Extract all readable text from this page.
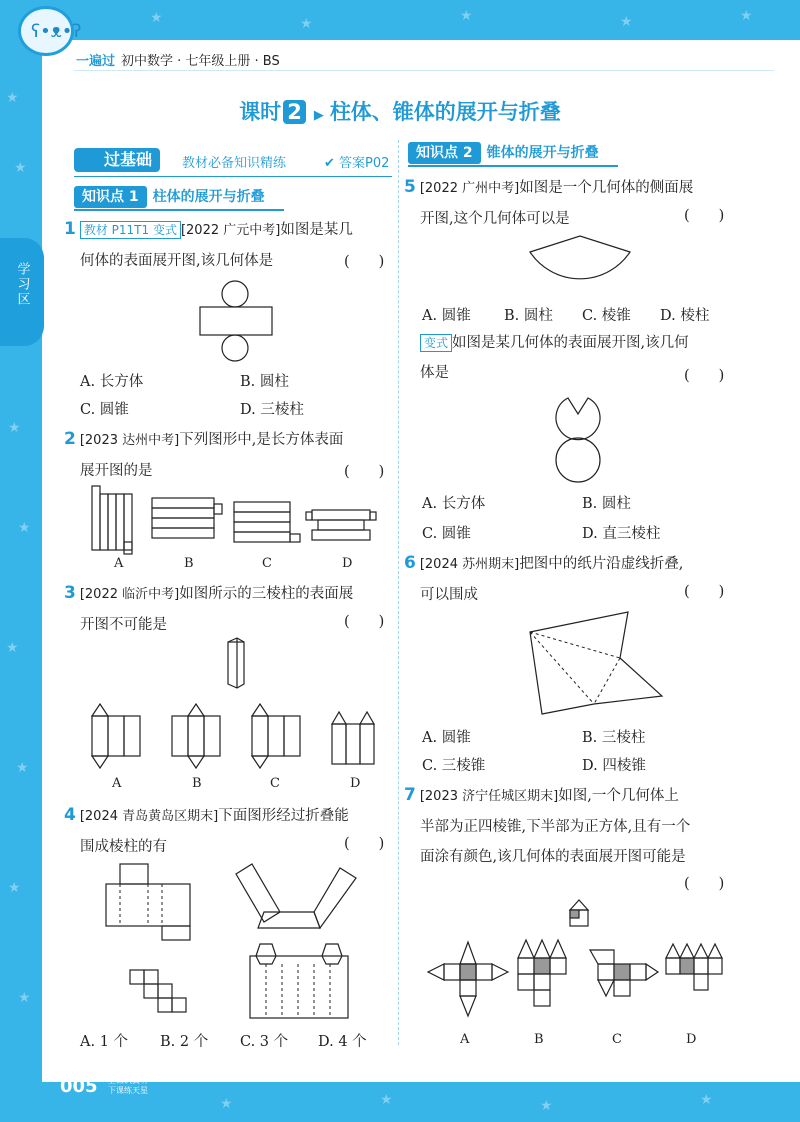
★
★
★
★
★
★
★
★
★	★	★	★	★
★	★	★	★
ʕ•ᴥ•ʔ
一遍过 初中数学 · 七年级上册 · BS
课时 2 ▶ 柱体、锥体的展开与折叠
学习区
过基础	教材必备知识精练	✔ 答案P02
知识点 1 柱体的展开与折叠
1 教材 P11T1 变式 [2022 广元中考]如图是某几
何体的表面展开图,该几何体是	(　　)
A. 长方体	B. 圆柱
C. 圆锥	D. 三棱柱
2 [2023 达州中考]下列图形中,是长方体表面
展开图的是	(　　)
A	B	C	D
3 [2022 临沂中考]如图所示的三棱柱的表面展
开图不可能是	(　　)
A	B	C	D
4 [2024 青岛黄岛区期末]下面图形经过折叠能
围成棱柱的有	(　　)
A. 1 个 B. 2 个 C. 3 个 D. 4 个
知识点 2 锥体的展开与折叠
5 [2022 广州中考]如图是一个几何体的侧面展
开图,这个几何体可以是	(　　)
A. 圆锥 B. 圆柱 C. 棱锥 D. 棱柱
变式 如图是某几何体的表面展开图,该几何
体是	(　　)
A. 长方体	B. 圆柱
C. 圆锥	D. 直三棱柱
6 [2024 苏州期末]把图中的纸片沿虚线折叠,
可以围成	(　　)
A. 圆锥	B. 三棱柱
C. 三棱锥	D. 四棱锥
7 [2023 济宁任城区期末]如图,一个几何体上
半部为正四棱锥,下半部为正方体,且有一个
面涂有颜色,该几何体的表面展开图可能是
(　　)
A	B	C	D
005 上课认真听
下课练天星
